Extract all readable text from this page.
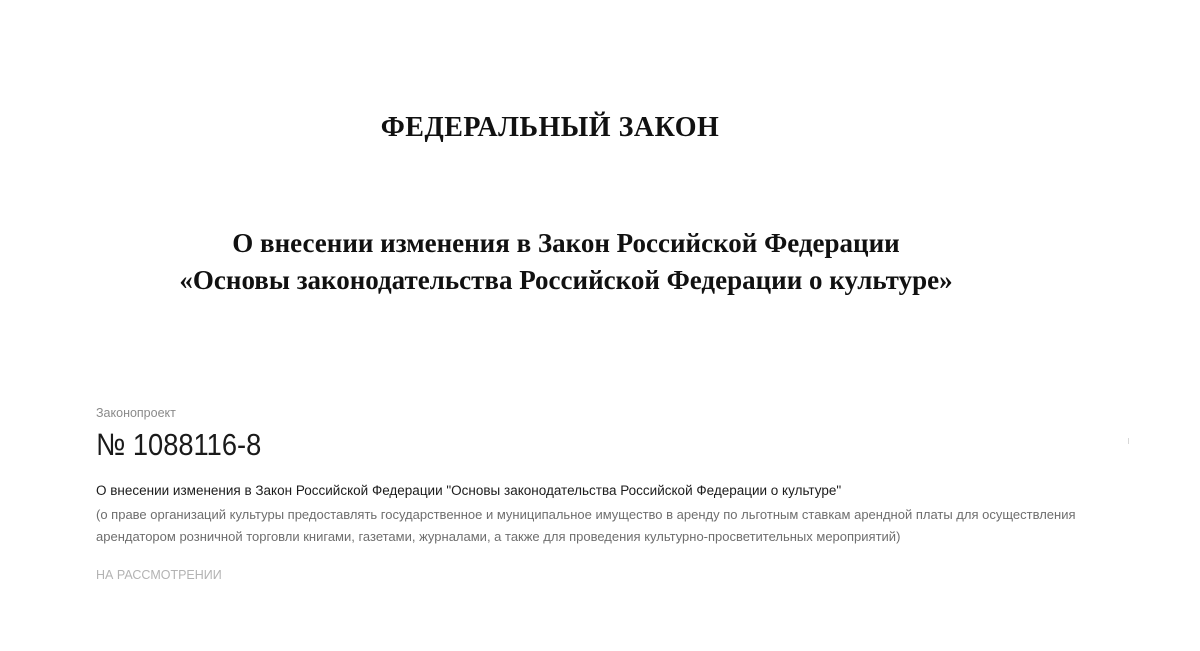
ФЕДЕРАЛЬНЫЙ ЗАКОН
О внесении изменения в Закон Российской Федерации
«Основы законодательства Российской Федерации о культуре»
Законопроект
№ 1088116-8
О внесении изменения в Закон Российской Федерации "Основы законодательства Российской Федерации о культуре"
(о праве организаций культуры предоставлять государственное и муниципальное имущество в аренду по льготным ставкам арендной платы для осуществления арендатором розничной торговли книгами, газетами, журналами, а также для проведения культурно-просветительных мероприятий)
НА РАССМОТРЕНИИ
